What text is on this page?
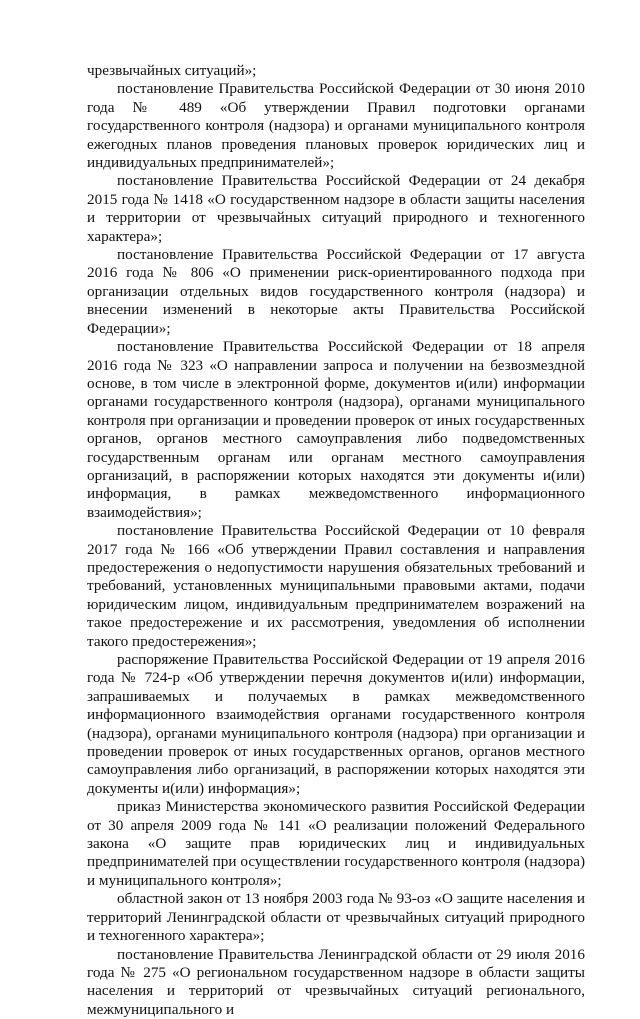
чрезвычайных ситуаций»;

постановление Правительства Российской Федерации от 30 июня 2010 года № 489 «Об утверждении Правил подготовки органами государственного контроля (надзора) и органами муниципального контроля ежегодных планов проведения плановых проверок юридических лиц и индивидуальных предпринимателей»;

постановление Правительства Российской Федерации от 24 декабря 2015 года № 1418 «О государственном надзоре в области защиты населения и территории от чрезвычайных ситуаций природного и техногенного характера»;

постановление Правительства Российской Федерации от 17 августа 2016 года № 806 «О применении риск-ориентированного подхода при организации отдельных видов государственного контроля (надзора) и внесении изменений в некоторые акты Правительства Российской Федерации»;

постановление Правительства Российской Федерации от 18 апреля 2016 года № 323 «О направлении запроса и получении на безвозмездной основе, в том числе в электронной форме, документов и(или) информации органами государственного контроля (надзора), органами муниципального контроля при организации и проведении проверок от иных государственных органов, органов местного самоуправления либо подведомственных государственным органам или органам местного самоуправления организаций, в распоряжении которых находятся эти документы и(или) информация, в рамках межведомственного информационного взаимодействия»;

постановление Правительства Российской Федерации от 10 февраля 2017 года № 166 «Об утверждении Правил составления и направления предостережения о недопустимости нарушения обязательных требований и требований, установленных муниципальными правовыми актами, подачи юридическим лицом, индивидуальным предпринимателем возражений на такое предостережение и их рассмотрения, уведомления об исполнении такого предостережения»;

распоряжение Правительства Российской Федерации от 19 апреля 2016 года № 724-р «Об утверждении перечня документов и(или) информации, запрашиваемых и получаемых в рамках межведомственного информационного взаимодействия органами государственного контроля (надзора), органами муниципального контроля (надзора) при организации и проведении проверок от иных государственных органов, органов местного самоуправления либо организаций, в распоряжении которых находятся эти документы и(или) информация»;

приказ Министерства экономического развития Российской Федерации от 30 апреля 2009 года № 141 «О реализации положений Федерального закона «О защите прав юридических лиц и индивидуальных предпринимателей при осуществлении государственного контроля (надзора) и муниципального контроля»;

областной закон от 13 ноября 2003 года № 93-оз «О защите населения и территорий Ленинградской области от чрезвычайных ситуаций природного и техногенного характера»;

постановление Правительства Ленинградской области от 29 июля 2016 года № 275 «О региональном государственном надзоре в области защиты населения и территорий от чрезвычайных ситуаций регионального, межмуниципального и
